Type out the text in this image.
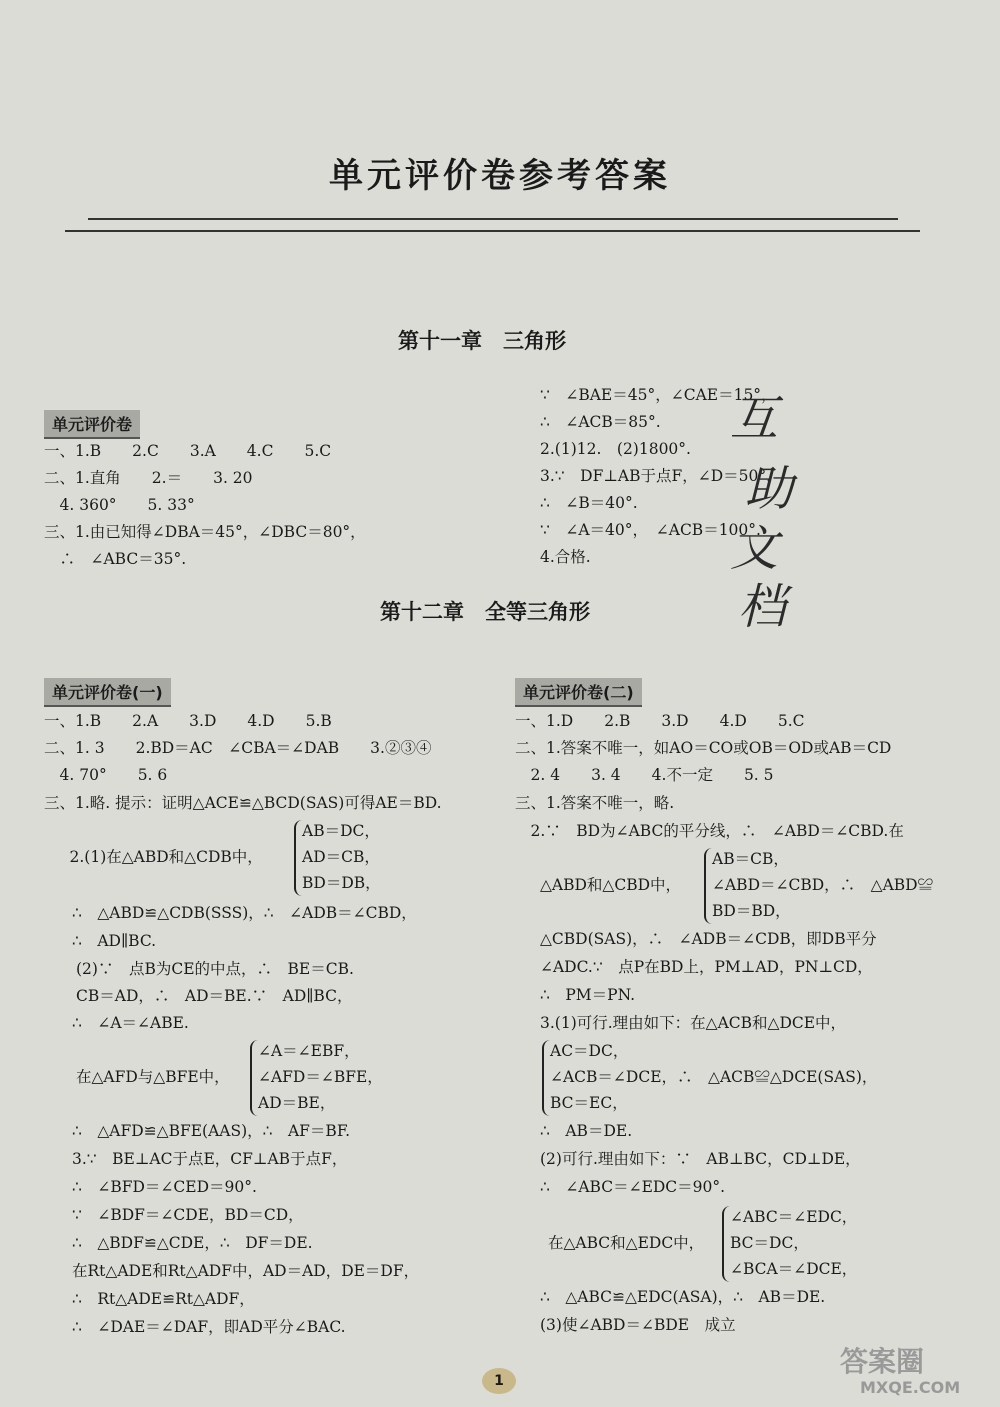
单元评价卷参考答案
第十一章　三角形
单元评价卷
一、1.B　　2.C　　3.A　　4.C　　5.C
二、1.直角　　2.＝　　3. 20
　4. 360°　　5. 33°
三、1.由已知得∠DBA＝45°，∠DBC＝80°，
　∴　∠ABC＝35°.
∵　∠BAE＝45°，∠CAE＝15°，
∴　∠ACB＝85°.
2.(1)12.　(2)1800°.
3.∵　DF⊥AB于点F，∠D＝50°，
∴　∠B＝40°.
∵　∠A＝40°，　∠ACB＝100°.
4.合格.
互
助
文
档
第十二章　全等三角形
单元评价卷(一)	单元评价卷(二)
一、1.B　　2.A　　3.D　　4.D　　5.B
二、1. 3　　2.BD＝AC　∠CBA＝∠DAB　　3.②③④
　4. 70°　　5. 6
三、1.略. 提示：证明△ACE≌△BCD(SAS)可得AE＝BD.
AB＝DC，
　2.(1)在△ABD和△CDB中，	AD＝CB，
BD＝DB，
∴　△ABD≌△CDB(SSS)，∴　∠ADB＝∠CBD，
∴　AD∥BC.
(2)∵　点B为CE的中点，∴　BE＝CB.
CB＝AD，∴　AD＝BE.∵　AD∥BC，
∴　∠A＝∠ABE.
∠A＝∠EBF，
在△AFD与△BFE中， ∠AFD＝∠BFE，
AD＝BE，
∴　△AFD≌△BFE(AAS)，∴　AF＝BF.
3.∵　BE⊥AC于点E，CF⊥AB于点F，
∴　∠BFD＝∠CED＝90°.
∵　∠BDF＝∠CDE，BD＝CD，
∴　△BDF≌△CDE，∴　DF＝DE.
在Rt△ADE和Rt△ADF中，AD＝AD，DE＝DF，
∴　Rt△ADE≌Rt△ADF，
∴　∠DAE＝∠DAF，即AD平分∠BAC.
一、1.D　　2.B　　3.D　　4.D　　5.C
二、1.答案不唯一，如AO＝CO或OB＝OD或AB＝CD
　2. 4　　3. 4　　4.不一定　　5. 5
三、1.答案不唯一，略.
　2.∵　BD为∠ABC的平分线，∴　∠ABD＝∠CBD.在
AB＝CB，
△ABD和△CBD中， ∠ABD＝∠CBD，∴　△ABD≌
BD＝BD，
△CBD(SAS)，∴　∠ADB＝∠CDB，即DB平分
∠ADC.∵　点P在BD上，PM⊥AD，PN⊥CD，
∴　PM＝PN.
3.(1)可行.理由如下：在△ACB和△DCE中，
AC＝DC，
∠ACB＝∠DCE，∴　△ACB≌△DCE(SAS)，
BC＝EC，
∴　AB＝DE.
(2)可行.理由如下：∵　AB⊥BC，CD⊥DE，
∴　∠ABC＝∠EDC＝90°.
∠ABC＝∠EDC，
在△ABC和△EDC中， BC＝DC，
∠BCA＝∠DCE，
∴　△ABC≌△EDC(ASA)，∴　AB＝DE.
(3)使∠ABD＝∠BDE　成立
1
答案圈
MXQE.COM
